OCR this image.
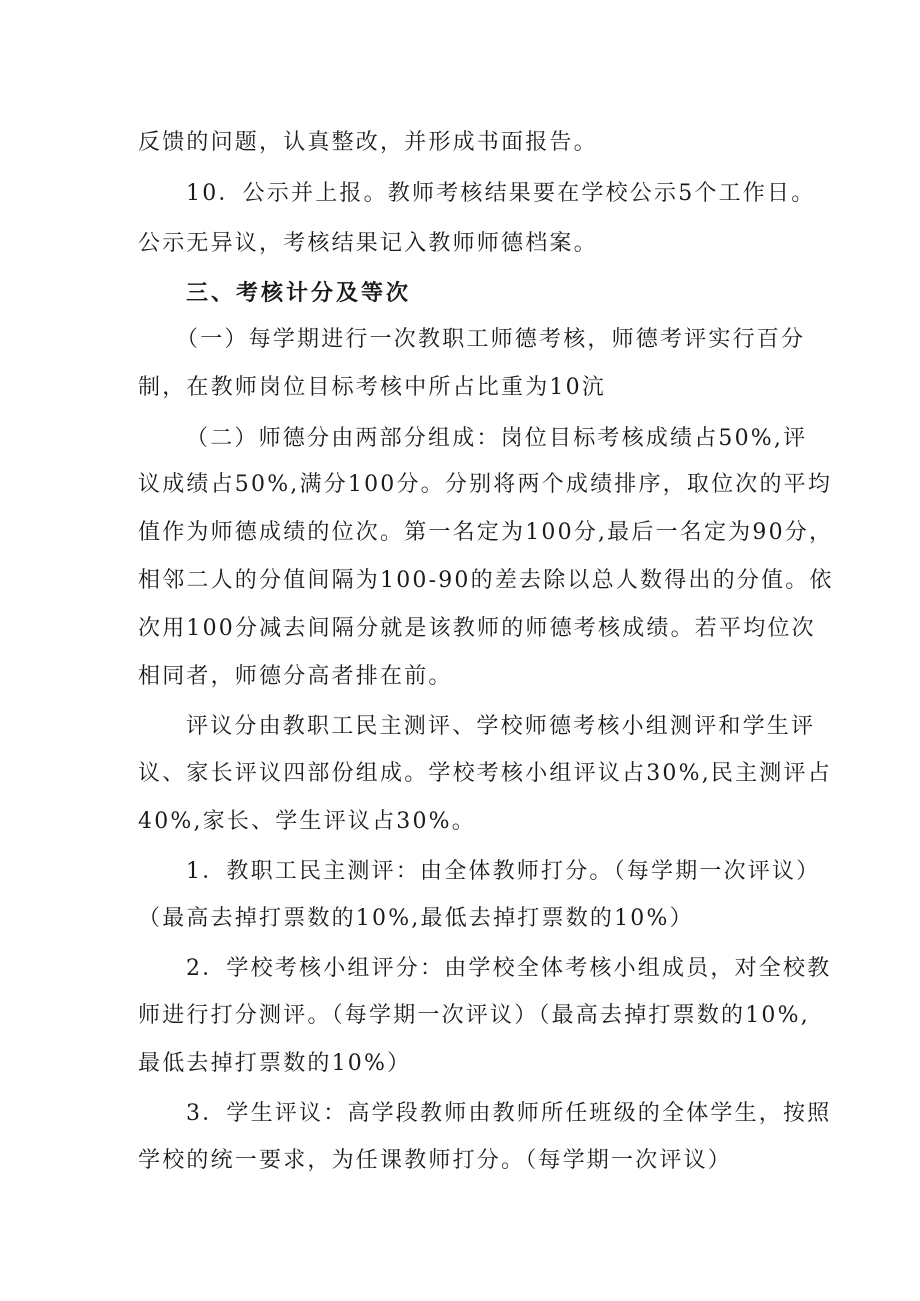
反馈的问题，认真整改，并形成书面报告。
10．公示并上报。教师考核结果要在学校公示5个工作日。
公示无异议，考核结果记入教师师德档案。
三、考核计分及等次
（一）每学期进行一次教职工师德考核，师德考评实行百分
制，在教师岗位目标考核中所占比重为10沆
（二）师德分由两部分组成：岗位目标考核成绩占50%,评
议成绩占50%,满分100分。分别将两个成绩排序，取位次的平均
值作为师德成绩的位次。第一名定为100分,最后一名定为90分，
相邻二人的分值间隔为100-90的差去除以总人数得出的分值。依
次用100分减去间隔分就是该教师的师德考核成绩。若平均位次
相同者，师德分高者排在前。
评议分由教职工民主测评、学校师德考核小组测评和学生评
议、家长评议四部份组成。学校考核小组评议占30%,民主测评占
40%,家长、学生评议占30%。
1．教职工民主测评：由全体教师打分。（每学期一次评议）
（最高去掉打票数的10%,最低去掉打票数的10%）
2．学校考核小组评分：由学校全体考核小组成员，对全校教
师进行打分测评。（每学期一次评议）（最高去掉打票数的10%,
最低去掉打票数的10%）
3．学生评议：高学段教师由教师所任班级的全体学生，按照
学校的统一要求，为任课教师打分。（每学期一次评议）
